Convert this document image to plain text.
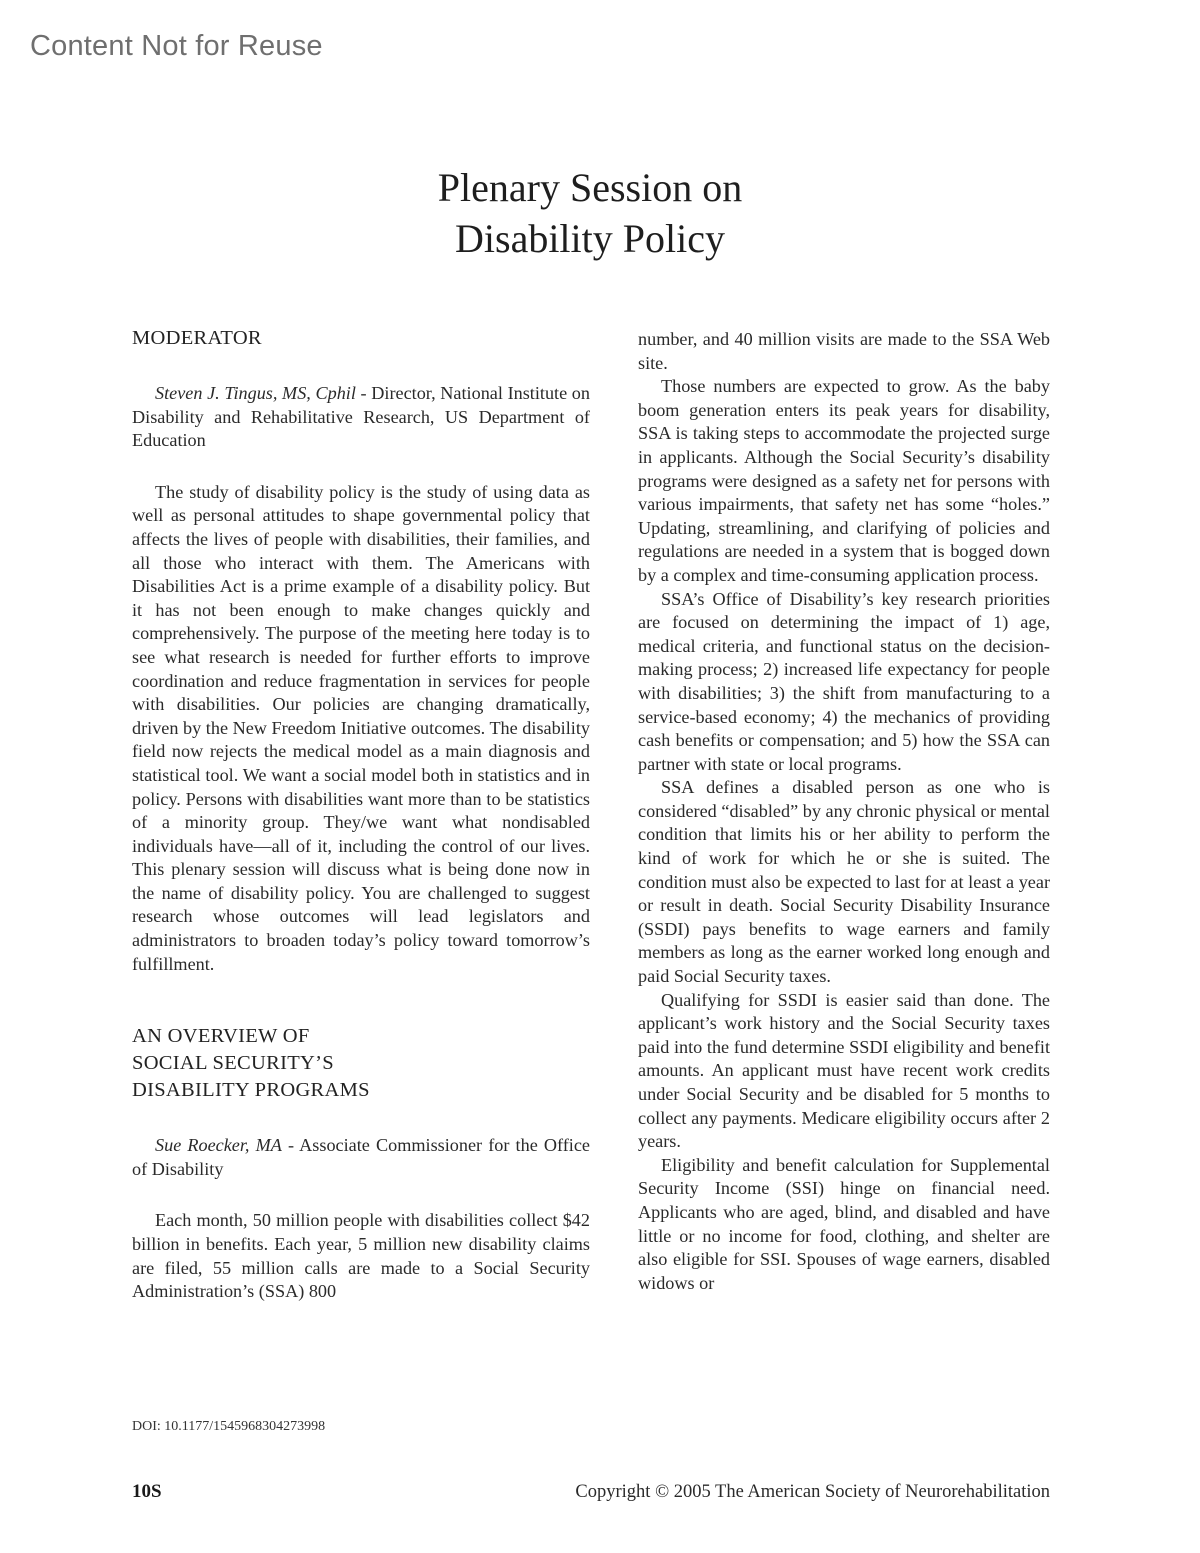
Content Not for Reuse
Plenary Session on
Disability Policy
MODERATOR

Steven J. Tingus, MS, Cphil - Director, National Institute on Disability and Rehabilitative Research, US Department of Education

The study of disability policy is the study of using data as well as personal attitudes to shape governmental policy that affects the lives of people with disabilities, their families, and all those who interact with them. The Americans with Disabilities Act is a prime example of a disability policy. But it has not been enough to make changes quickly and comprehensively. The purpose of the meeting here today is to see what research is needed for further efforts to improve coordination and reduce fragmentation in services for people with disabilities. Our policies are changing dramatically, driven by the New Freedom Initiative outcomes. The disability field now rejects the medical model as a main diagnosis and statistical tool. We want a social model both in statistics and in policy. Persons with disabilities want more than to be statistics of a minority group. They/we want what nondisabled individuals have—all of it, including the control of our lives. This plenary session will discuss what is being done now in the name of disability policy. You are challenged to suggest research whose outcomes will lead legislators and administrators to broaden today’s policy toward tomorrow’s fulfillment.

AN OVERVIEW OF
SOCIAL SECURITY’S
DISABILITY PROGRAMS

Sue Roecker, MA - Associate Commissioner for the Office of Disability

Each month, 50 million people with disabilities collect $42 billion in benefits. Each year, 5 million new disability claims are filed, 55 million calls are made to a Social Security Administration’s (SSA) 800

number, and 40 million visits are made to the SSA Web site.

Those numbers are expected to grow. As the baby boom generation enters its peak years for disability, SSA is taking steps to accommodate the projected surge in applicants. Although the Social Security’s disability programs were designed as a safety net for persons with various impairments, that safety net has some “holes.” Updating, streamlining, and clarifying of policies and regulations are needed in a system that is bogged down by a complex and time-consuming application process.

SSA’s Office of Disability’s key research priorities are focused on determining the impact of 1) age, medical criteria, and functional status on the decision-making process; 2) increased life expectancy for people with disabilities; 3) the shift from manufacturing to a service-based economy; 4) the mechanics of providing cash benefits or compensation; and 5) how the SSA can partner with state or local programs.

SSA defines a disabled person as one who is considered “disabled” by any chronic physical or mental condition that limits his or her ability to perform the kind of work for which he or she is suited. The condition must also be expected to last for at least a year or result in death. Social Security Disability Insurance (SSDI) pays benefits to wage earners and family members as long as the earner worked long enough and paid Social Security taxes.

Qualifying for SSDI is easier said than done. The applicant’s work history and the Social Security taxes paid into the fund determine SSDI eligibility and benefit amounts. An applicant must have recent work credits under Social Security and be disabled for 5 months to collect any payments. Medicare eligibility occurs after 2 years.

Eligibility and benefit calculation for Supplemental Security Income (SSI) hinge on financial need. Applicants who are aged, blind, and disabled and have little or no income for food, clothing, and shelter are also eligible for SSI. Spouses of wage earners, disabled widows or

DOI: 10.1177/1545968304273998
10S	Copyright © 2005 The American Society of Neurorehabilitation
